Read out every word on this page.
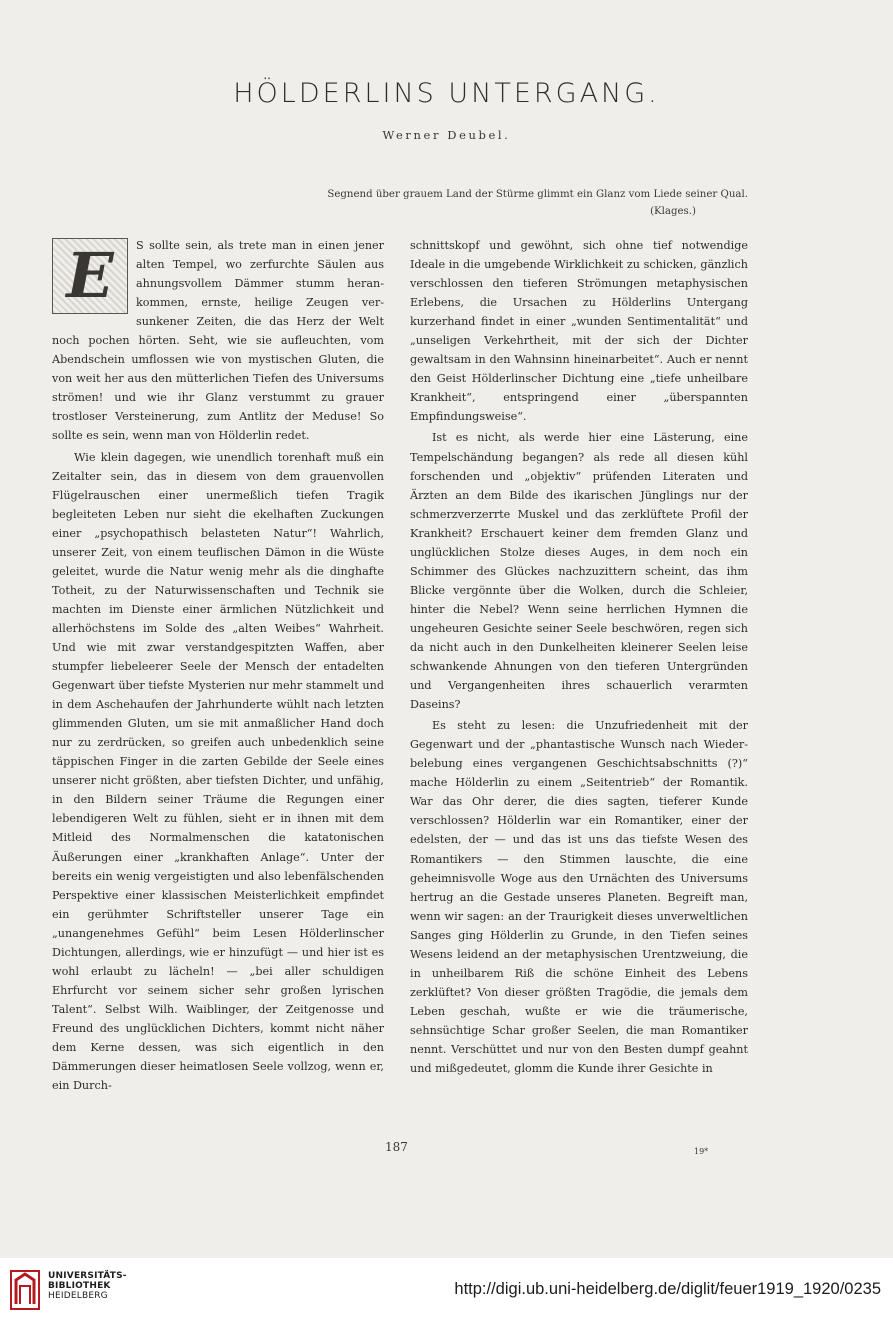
HÖLDERLINS UNTERGANG.
Werner Deubel.
Segnend über grauem Land der Stürme glimmt ein Glanz vom Liede seiner Qual.
(Klages.)

E	S sollte sein, als trete man in einen jener alten Tempel, wo zerfurchte Säulen aus ahnungsvollem Dämmer stumm herankommen, ernste, heilige Zeugen versunkener Zeiten, die das Herz der Welt noch pochen hörten. Seht, wie sie aufleuchten, vom Abendschein umflossen wie von mystischen Gluten, die von weit her aus den mütterlichen Tiefen des Universums strömen! und wie ihr Glanz verstummt zu grauer trostloser Versteinerung, zum Antlitz der Meduse! So sollte es sein, wenn man von Hölderlin redet.

Wie klein dagegen, wie unendlich torenhaft muß ein Zeitalter sein, das in diesem von dem grauenvollen Flügelrauschen einer unermeßlich tiefen Tragik begleiteten Leben nur sieht die ekelhaften Zuckungen einer „psychopathisch belasteten Natur“! Wahrlich, unserer Zeit, von einem teuflischen Dämon in die Wüste geleitet, wurde die Natur wenig mehr als die dinghafte Totheit, zu der Naturwissenschaften und Technik sie machten im Dienste einer ärmlichen Nützlichkeit und allerhöchstens im Solde des „alten Weibes“ Wahrheit. Und wie mit zwar verstandgespitzten Waffen, aber stumpfer liebeleerer Seele der Mensch der entadelten Gegenwart über tiefste Mysterien nur mehr stammelt und in dem Aschehaufen der Jahrhunderte wühlt nach letzten glimmenden Gluten, um sie mit anmaßlicher Hand doch nur zu zerdrücken, so greifen auch unbedenklich seine täppischen Finger in die zarten Gebilde der Seele eines unserer nicht größten, aber tiefsten Dichter, und unfähig, in den Bildern seiner Träume die Regungen einer lebendigeren Welt zu fühlen, sieht er in ihnen mit dem Mitleid des Normalmenschen die katatonischen Äußerungen einer „krankhaften Anlage“. Unter der bereits ein wenig vergeistigten und also lebenfälschenden Perspektive einer klassischen Meisterlichkeit empfindet ein gerühmter Schriftsteller unserer Tage ein „unangenehmes Gefühl“ beim Lesen Hölderlinscher Dichtungen, allerdings, wie er hinzufügt — und hier ist es wohl erlaubt zu lächeln! — „bei aller schuldigen Ehrfurcht vor seinem sicher sehr großen lyrischen Talent“. Selbst Wilh. Waiblinger, der Zeitgenosse und Freund des unglücklichen Dichters, kommt nicht näher dem Kerne dessen, was sich eigentlich in den Dämmerungen dieser heimatlosen Seele vollzog, wenn er, ein Durch-

schnittskopf und gewöhnt, sich ohne tief notwendige Ideale in die umgebende Wirklichkeit zu schicken, gänzlich verschlossen den tieferen Strömungen metaphysischen Erlebens, die Ursachen zu Hölderlins Untergang kurzerhand findet in einer „wunden Sentimentalität“ und „unseligen Verkehrtheit, mit der sich der Dichter gewaltsam in den Wahnsinn hineinarbeitet“. Auch er nennt den Geist Hölderlinscher Dichtung eine „tiefe unheilbare Krankheit“, entspringend einer „überspannten Empfindungsweise“.

Ist es nicht, als werde hier eine Lästerung, eine Tempelschändung begangen? als rede all diesen kühl forschenden und „objektiv“ prüfenden Literaten und Ärzten an dem Bilde des ikarischen Jünglings nur der schmerzverzerrte Muskel und das zerklüftete Profil der Krankheit? Erschauert keiner dem fremden Glanz und unglücklichen Stolze dieses Auges, in dem noch ein Schimmer des Glückes nachzuzittern scheint, das ihm Blicke vergönnte über die Wolken, durch die Schleier, hinter die Nebel? Wenn seine herrlichen Hymnen die ungeheuren Gesichte seiner Seele beschwören, regen sich da nicht auch in den Dunkelheiten kleinerer Seelen leise schwankende Ahnungen von den tieferen Untergründen und Vergangenheiten ihres schauerlich verarmten Daseins?

Es steht zu lesen: die Unzufriedenheit mit der Gegenwart und der „phantastische Wunsch nach Wiederbelebung eines vergangenen Geschichtsabschnitts (?)“ mache Hölderlin zu einem „Seitentrieb“ der Romantik. War das Ohr derer, die dies sagten, tieferer Kunde verschlossen? Hölderlin war ein Romantiker, einer der edelsten, der — und das ist uns das tiefste Wesen des Romantikers — den Stimmen lauschte, die eine geheimnisvolle Woge aus den Urnächten des Universums hertrug an die Gestade unseres Planeten. Begreift man, wenn wir sagen: an der Traurigkeit dieses unverweltlichen Sanges ging Hölderlin zu Grunde, in den Tiefen seines Wesens leidend an der metaphysischen Urentzweiung, die in unheilbarem Riß die schöne Einheit des Lebens zerklüftet? Von dieser größten Tragödie, die jemals dem Leben geschah, wußte er wie die träumerische, sehnsüchtige Schar großer Seelen, die man Romantiker nennt. Verschüttet und nur von den Besten dumpf geahnt und mißgedeutet, glomm die Kunde ihrer Gesichte in

187	19*
UNIVERSITÄTS-
BIBLIOTHEK
HEIDELBERG	http://digi.ub.uni-heidelberg.de/diglit/feuer1919_1920/0235
